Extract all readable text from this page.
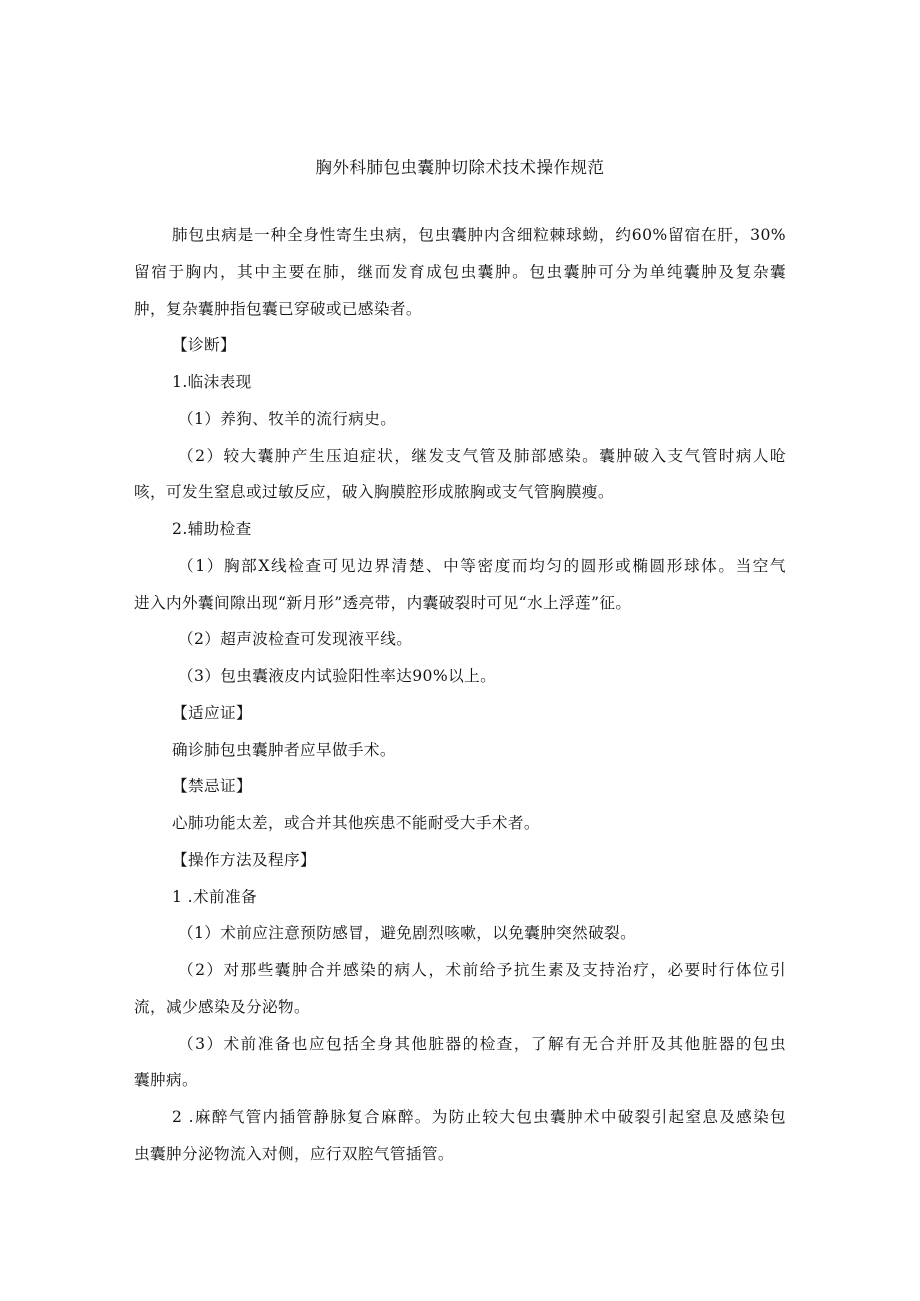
胸外科肺包虫囊肿切除术技术操作规范
肺包虫病是一种全身性寄生虫病，包虫囊肿内含细粒棘球蚴，约60%留宿在肝，30%
留宿于胸内，其中主要在肺，继而发育成包虫囊肿。包虫囊肿可分为单纯囊肿及复杂囊
肿，复杂囊肿指包囊已穿破或已感染者。
【诊断】
1.临沫表现
（1）养狗、牧羊的流行病史。
（2）较大囊肿产生压迫症状，继发支气管及肺部感染。囊肿破入支气管时病人呛
咳，可发生窒息或过敏反应，破入胸膜腔形成脓胸或支气管胸膜瘦。
2.辅助检查
（1）胸部X线检查可见边界清楚、中等密度而均匀的圆形或椭圆形球体。当空气
进入内外囊间隙出现“新月形”透亮带，内囊破裂时可见“水上浮莲”征。
（2）超声波检查可发现液平线。
（3）包虫囊液皮内试验阳性率达90%以上。
【适应证】
确诊肺包虫囊肿者应早做手术。
【禁忌证】
心肺功能太差，或合并其他疾患不能耐受大手术者。
【操作方法及程序】
1 .术前准备
（1）术前应注意预防感冒，避免剧烈咳嗽，以免囊肿突然破裂。
（2）对那些囊肿合并感染的病人，术前给予抗生素及支持治疗，必要时行体位引
流，减少感染及分泌物。
（3）术前准备也应包括全身其他脏器的检查，了解有无合并肝及其他脏器的包虫
囊肿病。
2 .麻醉气管内插管静脉复合麻醉。为防止较大包虫囊肿术中破裂引起窒息及感染包
虫囊肿分泌物流入对侧，应行双腔气管插管。
